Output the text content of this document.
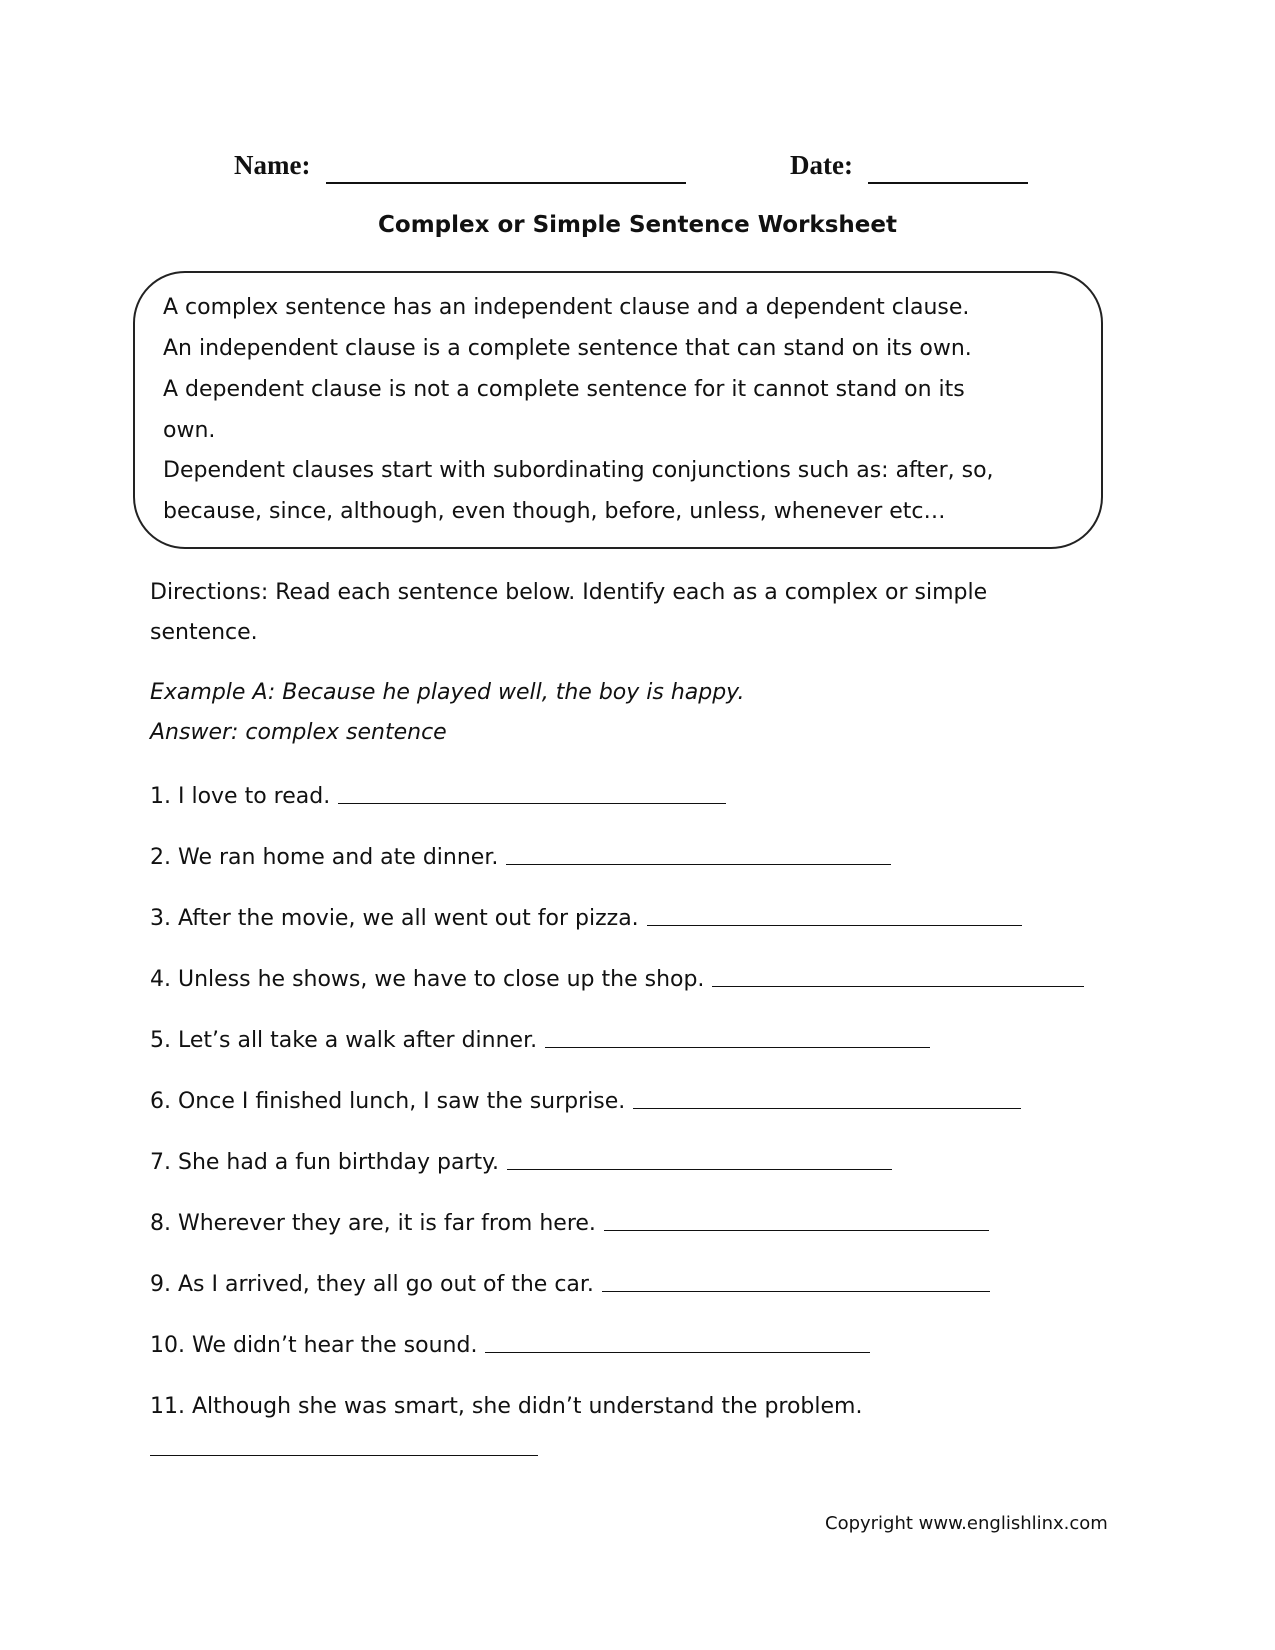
Name:	Date:
Complex or Simple Sentence Worksheet
A complex sentence has an independent clause and a dependent clause.
An independent clause is a complete sentence that can stand on its own.
A dependent clause is not a complete sentence for it cannot stand on its
own.
Dependent clauses start with subordinating conjunctions such as: after, so,
because, since, although, even though, before, unless, whenever etc…
Directions: Read each sentence below. Identify each as a complex or simple
sentence.
Example A: Because he played well, the boy is happy.
Answer: complex sentence
1. I love to read.
2. We ran home and ate dinner.
3. After the movie, we all went out for pizza.
4. Unless he shows, we have to close up the shop.
5. Let’s all take a walk after dinner.
6. Once I finished lunch, I saw the surprise.
7. She had a fun birthday party.
8. Wherever they are, it is far from here.
9. As I arrived, they all go out of the car.
10. We didn’t hear the sound.
11. Although she was smart, she didn’t understand the problem.
Copyright www.englishlinx.com
